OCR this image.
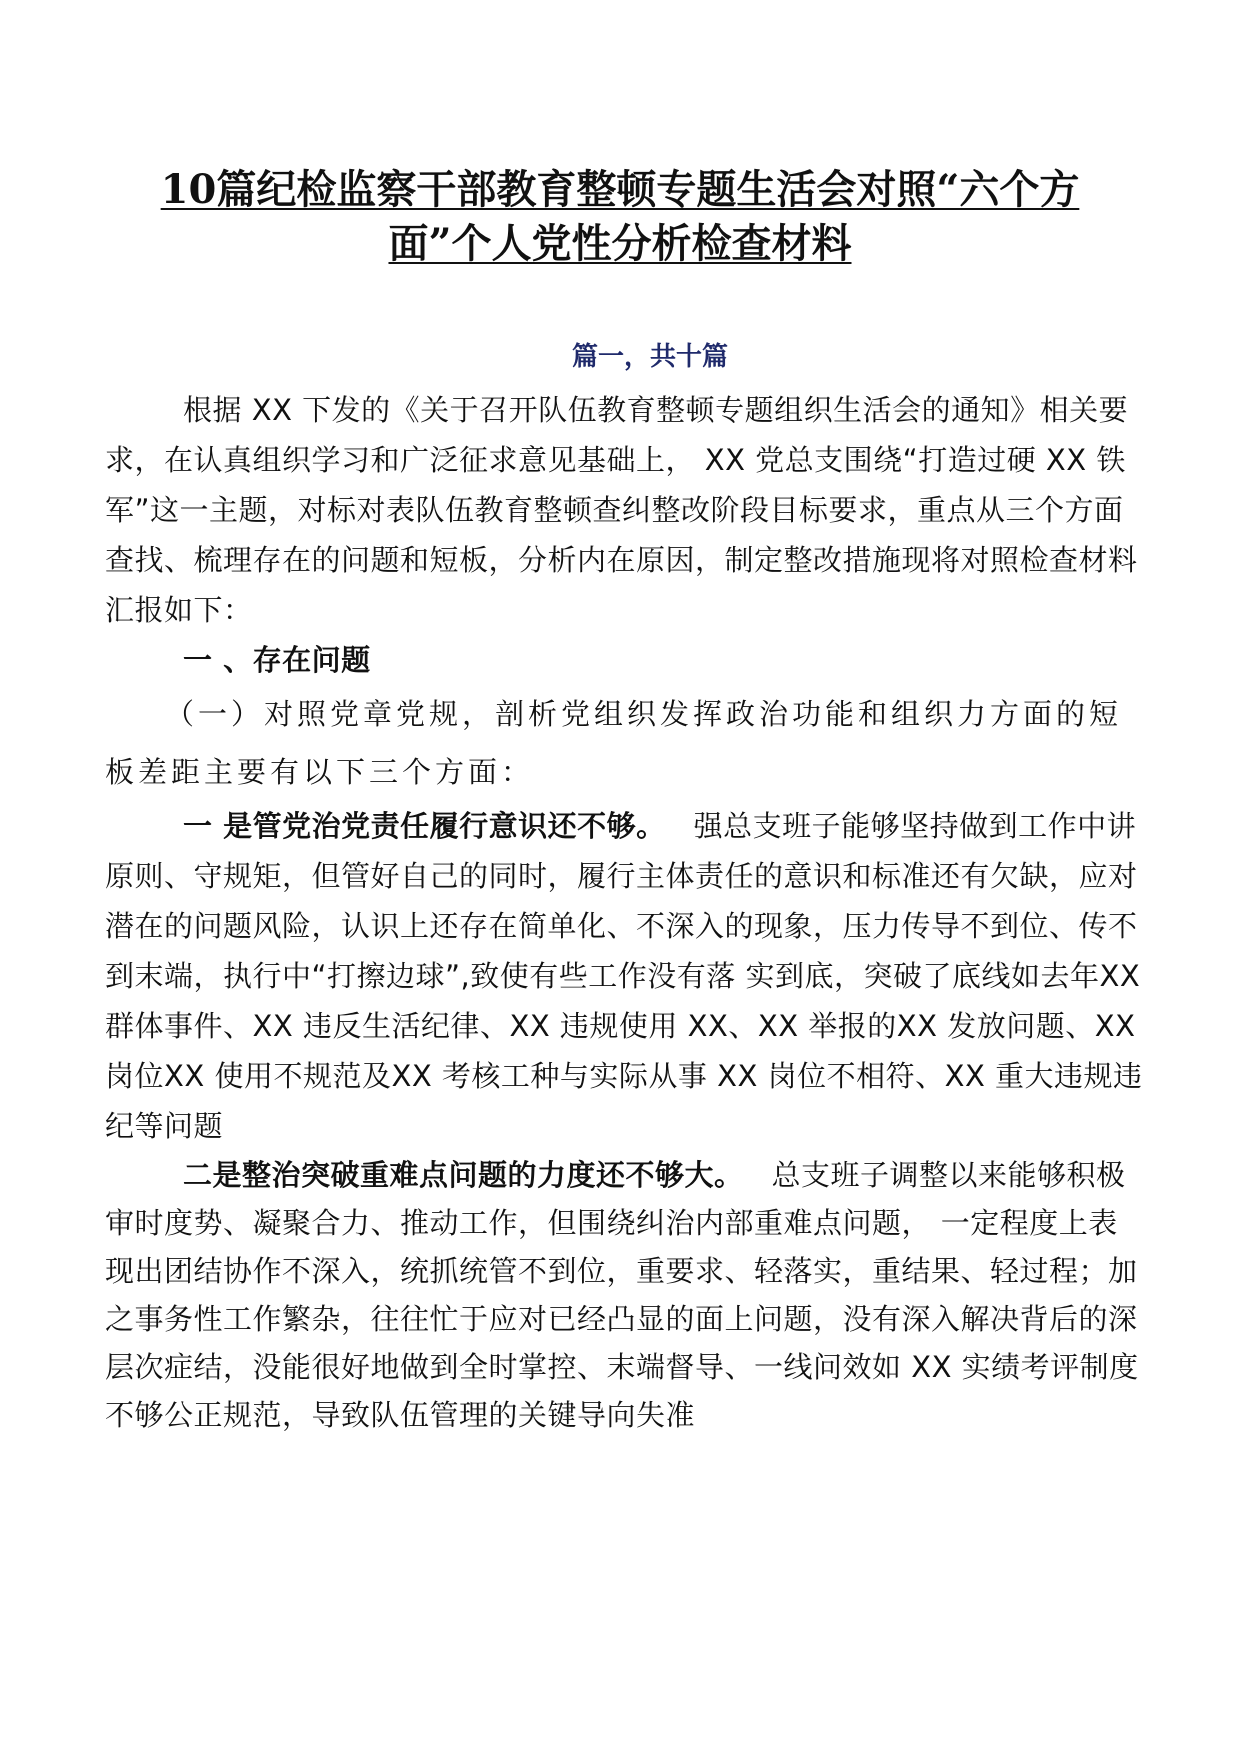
10篇纪检监察干部教育整顿专题生活会对照“六个方
面”个人党性分析检查材料
篇一，共十篇

根据 XX 下发的《关于召开队伍教育整顿专题组织生活会的通知》相关要求，在认真组织学习和广泛征求意见基础上， XX 党总支围绕“打造过硬 XX 铁军”这一主题，对标对表队伍教育整顿查纠整改阶段目标要求，重点从三个方面查找、梳理存在的问题和短板，分析内在原因，制定整改措施现将对照检查材料汇报如下：

一 、存在问题

（一）对照党章党规，剖析党组织发挥政治功能和组织力方面的短板差距主要有以下三个方面：

一 是管党治党责任履行意识还不够。 强总支班子能够坚持做到工作中讲原则、守规矩，但管好自己的同时，履行主体责任的意识和标准还有欠缺，应对潜在的问题风险，认识上还存在简单化、不深入的现象，压力传导不到位、传不到末端，执行中“打擦边球”,致使有些工作没有落 实到底，突破了底线如去年XX 群体事件、XX 违反生活纪律、XX 违规使用 XX、XX 举报的XX 发放问题、XX 岗位XX 使用不规范及XX 考核工种与实际从事 XX 岗位不相符、XX 重大违规违纪等问题

二是整治突破重难点问题的力度还不够大。 总支班子调整以来能够积极审时度势、凝聚合力、推动工作，但围绕纠治内部重难点问题， 一定程度上表现出团结协作不深入，统抓统管不到位，重要求、轻落实，重结果、轻过程；加之事务性工作繁杂，往往忙于应对已经凸显的面上问题，没有深入解决背后的深层次症结，没能很好地做到全时掌控、末端督导、一线问效如 XX 实绩考评制度不够公正规范，导致队伍管理的关键导向失准
